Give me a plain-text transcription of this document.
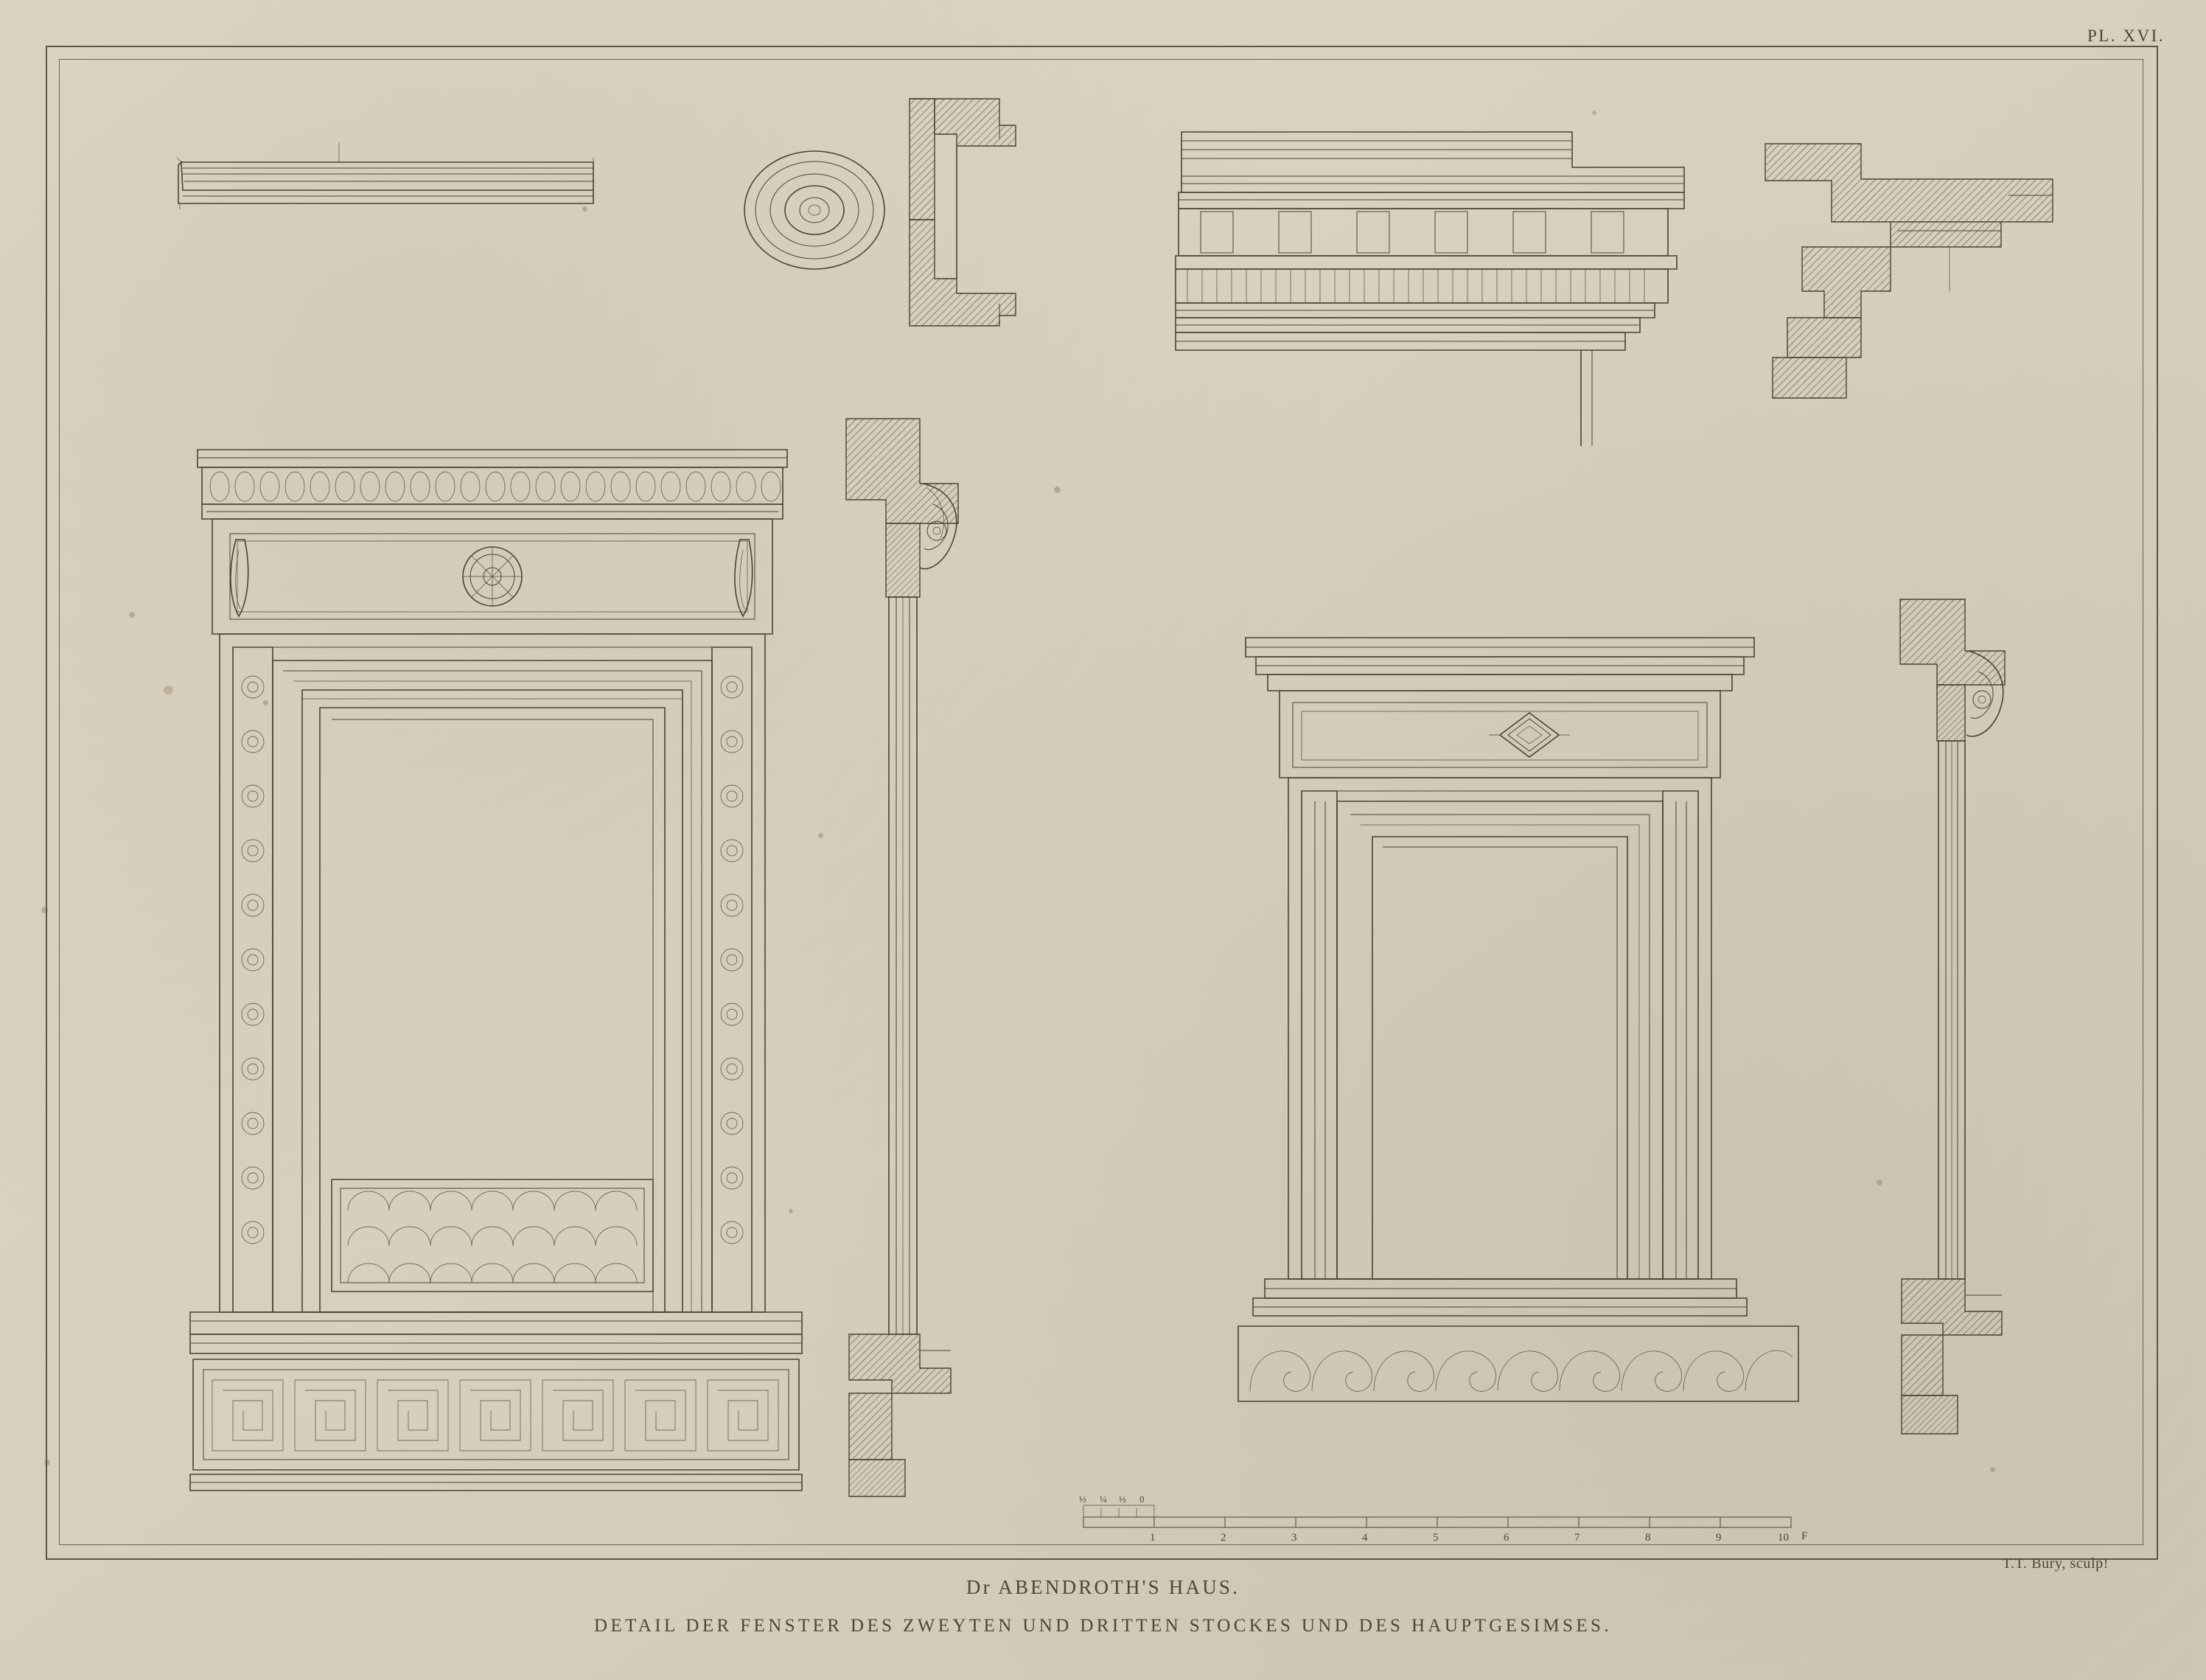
PL. XVI.
1	2	3	4	5	6	7	8	9	10 F
½ ¼ ½ 0
T.T. Bury, sculp!
Dr ABENDROTH'S HAUS.
DETAIL DER FENSTER DES ZWEYTEN UND DRITTEN STOCKES UND DES HAUPTGESIMSES.
